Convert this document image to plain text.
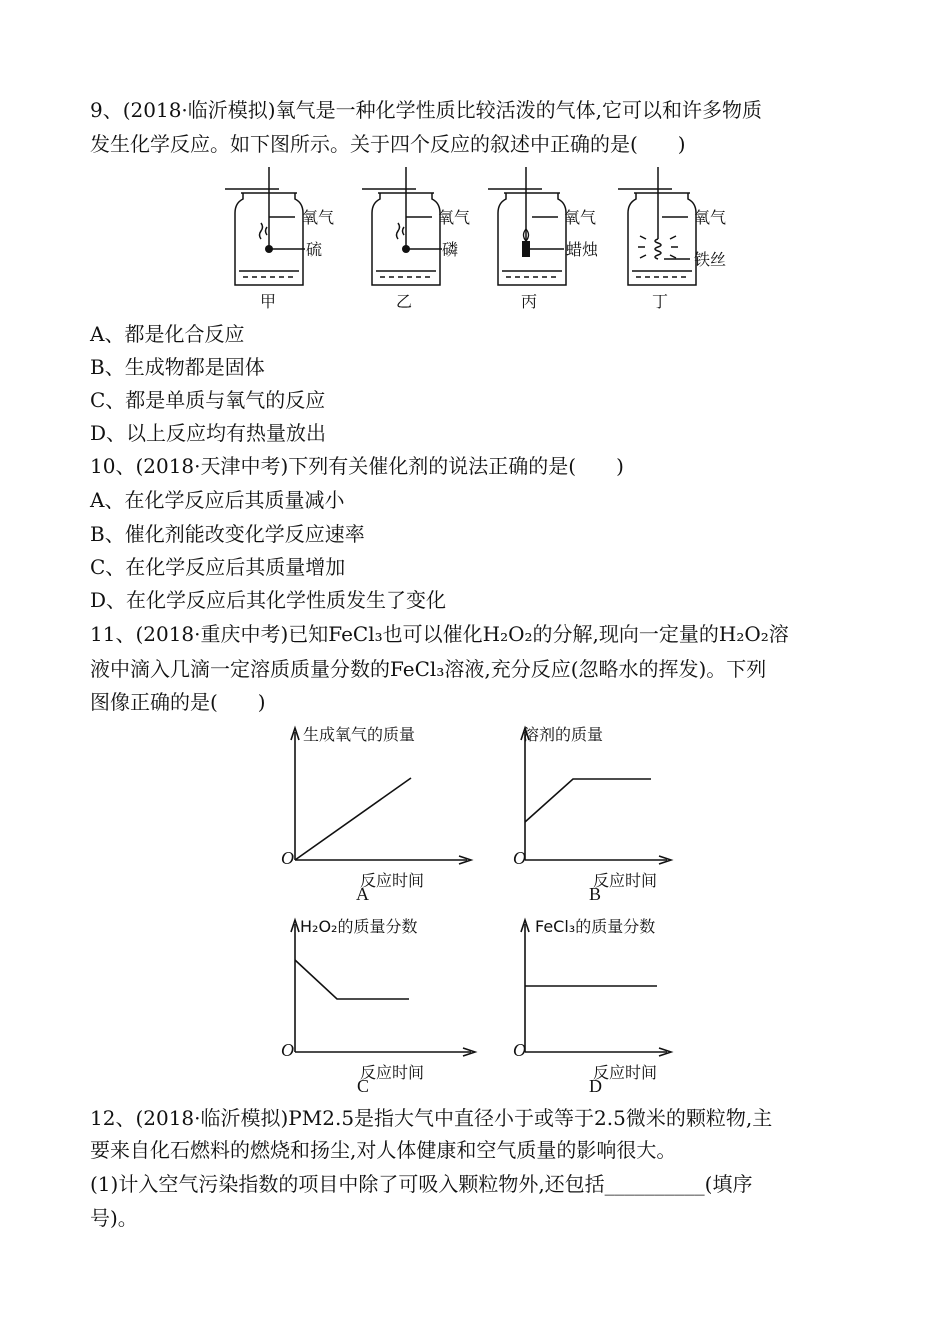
9、(2018·临沂模拟)氧气是一种化学性质比较活泼的气体,它可以和许多物质
发生化学反应。如下图所示。关于四个反应的叙述中正确的是(　　)
氧气
硫
甲
氧气
磷
乙
氧气
蜡烛
丙
氧气
铁丝
丁
A、都是化合反应
B、生成物都是固体
C、都是单质与氧气的反应
D、以上反应均有热量放出
10、(2018·天津中考)下列有关催化剂的说法正确的是(　　)
A、在化学反应后其质量减小
B、催化剂能改变化学反应速率
C、在化学反应后其质量增加
D、在化学反应后其化学性质发生了变化
11、(2018·重庆中考)已知FeCl₃也可以催化H₂O₂的分解,现向一定量的H₂O₂溶
液中滴入几滴一定溶质质量分数的FeCl₃溶液,充分反应(忽略水的挥发)。下列
图像正确的是(　　)
生成氧气的质量
反应时间
O
A
溶剂的质量
反应时间
O
B
H₂O₂的质量分数
反应时间
O
C
FeCl₃的质量分数
反应时间
O
D
12、(2018·临沂模拟)PM2.5是指大气中直径小于或等于2.5微米的颗粒物,主
要来自化石燃料的燃烧和扬尘,对人体健康和空气质量的影响很大。
(1)计入空气污染指数的项目中除了可吸入颗粒物外,还包括__________(填序
号)。
